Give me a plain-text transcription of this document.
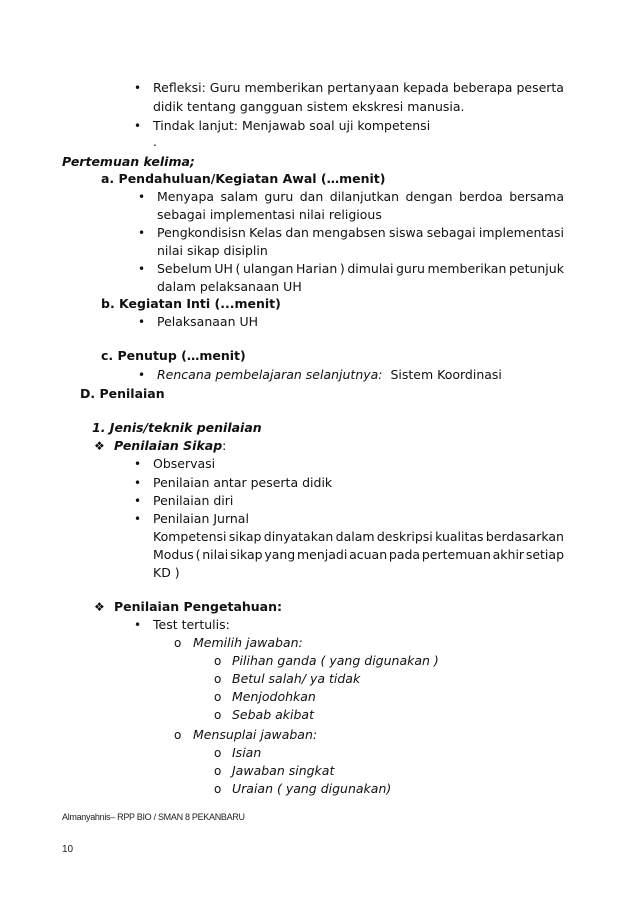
• Refleksi: Guru memberikan pertanyaan kepada beberapa peserta
didik tentang gangguan sistem ekskresi manusia.
• Tindak lanjut: Menjawab soal uji kompetensi
.
Pertemuan kelima;
a. Pendahuluan/Kegiatan Awal (…menit)
• Menyapa salam guru dan dilanjutkan dengan berdoa bersama
sebagai implementasi nilai religious
• Pengkondisisn Kelas dan mengabsen siswa sebagai implementasi
nilai sikap disiplin
• Sebelum UH ( ulangan Harian ) dimulai guru memberikan petunjuk
dalam pelaksanaan UH
b. Kegiatan Inti (...menit)
• Pelaksanaan UH
c. Penutup (…menit)
• Rencana pembelajaran selanjutnya: Sistem Koordinasi
D. Penilaian
1. Jenis/teknik penilaian
❖ Penilaian Sikap:
• Observasi
• Penilaian antar peserta didik
• Penilaian diri
• Penilaian Jurnal
Kompetensi sikap dinyatakan dalam deskripsi kualitas berdasarkan
Modus ( nilai sikap yang menjadi acuan pada pertemuan akhir setiap
KD )
❖ Penilaian Pengetahuan:
• Test tertulis:
o Memilih jawaban:
o Pilihan ganda ( yang digunakan )
o Betul salah/ ya tidak
o Menjodohkan
o Sebab akibat
o Mensuplai jawaban:
o Isian
o Jawaban singkat
o Uraian ( yang digunakan)
Almanyahnis– RPP BIO / SMAN 8 PEKANBARU
10
